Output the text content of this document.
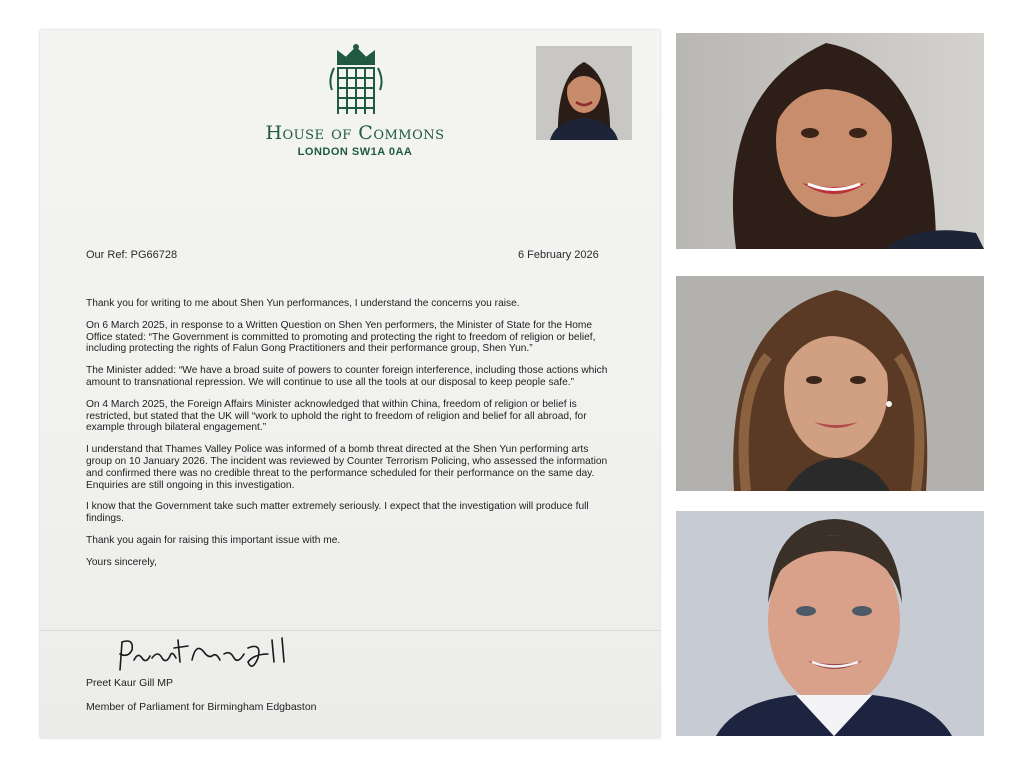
House of Commons
LONDON SW1A 0AA
Our Ref: PG66728	6 February 2026

Thank you for writing to me about Shen Yun performances, I understand the concerns you raise.

On 6 March 2025, in response to a Written Question on Shen Yen performers, the Minister of State for the Home Office stated: “The Government is committed to promoting and protecting the right to freedom of religion or belief, including protecting the rights of Falun Gong Practitioners and their performance group, Shen Yun.”

The Minister added: “We have a broad suite of powers to counter foreign interference, including those actions which amount to transnational repression. We will continue to use all the tools at our disposal to keep people safe.”

On 4 March 2025, the Foreign Affairs Minister acknowledged that within China, freedom of religion or belief is restricted, but stated that the UK will “work to uphold the right to freedom of religion and belief for all abroad, for example through bilateral engagement.”

I understand that Thames Valley Police was informed of a bomb threat directed at the Shen Yun performing arts group on 10 January 2026. The incident was reviewed by Counter Terrorism Policing, who assessed the information and confirmed there was no credible threat to the performance scheduled for their performance on the same day. Enquiries are still ongoing in this investigation.

I know that the Government take such matter extremely seriously. I expect that the investigation will produce full findings.

Thank you again for raising this important issue with me.

Yours sincerely,

Preet Kaur Gill MP
Member of Parliament for Birmingham Edgbaston
